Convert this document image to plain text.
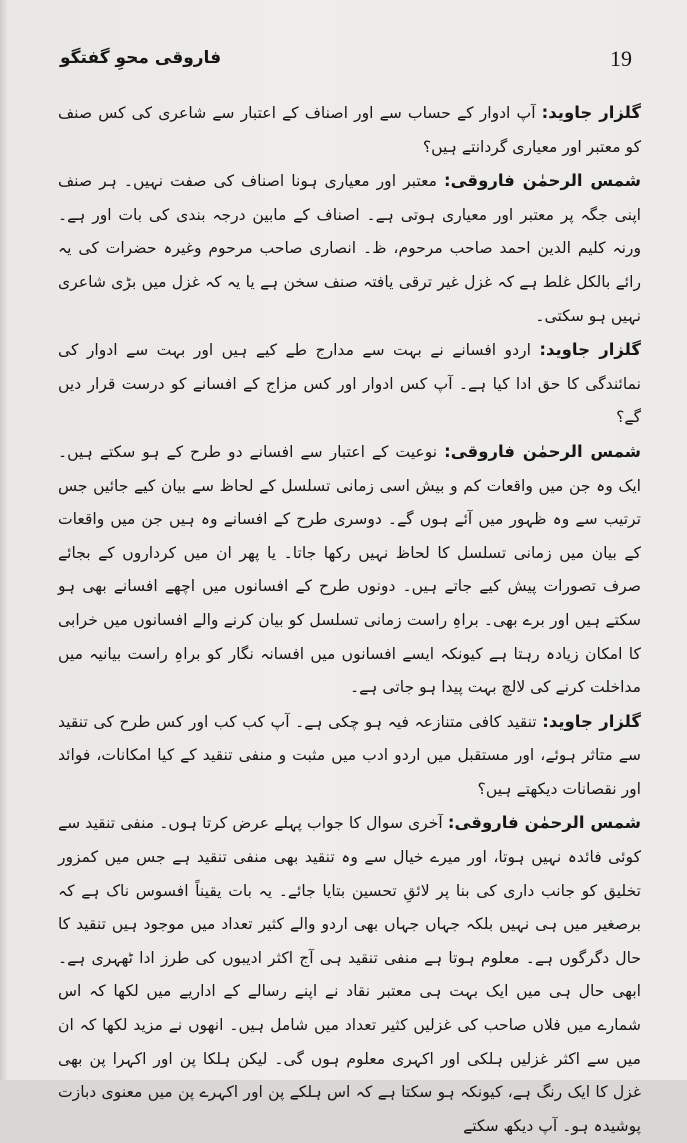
فاروقی محوِ گفتگو	19

گلزار جاوید: آپ ادوار کے حساب سے اور اصناف کے اعتبار سے شاعری کی کس صنف کو معتبر اور معیاری گردانتے ہیں؟

شمس الرحمٰن فاروقی: معتبر اور معیاری ہونا اصناف کی صفت نہیں۔ ہر صنف اپنی جگہ پر معتبر اور معیاری ہوتی ہے۔ اصناف کے مابین درجہ بندی کی بات اور ہے۔ ورنہ کلیم الدین احمد صاحب مرحوم، ظ۔ انصاری صاحب مرحوم وغیرہ حضرات کی یہ رائے بالکل غلط ہے کہ غزل غیر ترقی یافتہ صنف سخن ہے یا یہ کہ غزل میں بڑی شاعری نہیں ہو سکتی۔

گلزار جاوید: اردو افسانے نے بہت سے مدارج طے کیے ہیں اور بہت سے ادوار کی نمائندگی کا حق ادا کیا ہے۔ آپ کس ادوار اور کس مزاج کے افسانے کو درست قرار دیں گے؟

شمس الرحمٰن فاروقی: نوعیت کے اعتبار سے افسانے دو طرح کے ہو سکتے ہیں۔ ایک وہ جن میں واقعات کم و بیش اسی زمانی تسلسل کے لحاظ سے بیان کیے جائیں جس ترتیب سے وہ ظہور میں آئے ہوں گے۔ دوسری طرح کے افسانے وہ ہیں جن میں واقعات کے بیان میں زمانی تسلسل کا لحاظ نہیں رکھا جاتا۔ یا پھر ان میں کرداروں کے بجائے صرف تصورات پیش کیے جاتے ہیں۔ دونوں طرح کے افسانوں میں اچھے افسانے بھی ہو سکتے ہیں اور برے بھی۔ براہِ راست زمانی تسلسل کو بیان کرنے والے افسانوں میں خرابی کا امکان زیادہ رہتا ہے کیونکہ ایسے افسانوں میں افسانہ نگار کو براہِ راست بیانیہ میں مداخلت کرنے کی لالچ بہت پیدا ہو جاتی ہے۔

گلزار جاوید: تنقید کافی متنازعہ فیہ ہو چکی ہے۔ آپ کب کب اور کس طرح کی تنقید سے متاثر ہوئے، اور مستقبل میں اردو ادب میں مثبت و منفی تنقید کے کیا امکانات، فوائد اور نقصانات دیکھتے ہیں؟

شمس الرحمٰن فاروقی: آخری سوال کا جواب پہلے عرض کرتا ہوں۔ منفی تنقید سے کوئی فائدہ نہیں ہوتا، اور میرے خیال سے وہ تنقید بھی منفی تنقید ہے جس میں کمزور تخلیق کو جانب داری کی بنا پر لائقِ تحسین بتایا جائے۔ یہ بات یقیناً افسوس ناک ہے کہ برصغیر میں ہی نہیں بلکہ جہاں جہاں بھی اردو والے کثیر تعداد میں موجود ہیں تنقید کا حال دگرگوں ہے۔ معلوم ہوتا ہے منفی تنقید ہی آج اکثر ادیبوں کی طرز ادا ٹھہری ہے۔ ابھی حال ہی میں ایک بہت ہی معتبر نقاد نے اپنے رسالے کے اداریے میں لکھا کہ اس شمارے میں فلاں صاحب کی غزلیں کثیر تعداد میں شامل ہیں۔ انھوں نے مزید لکھا کہ ان میں سے اکثر غزلیں ہلکی اور اکہری معلوم ہوں گی۔ لیکن ہلکا پن اور اکہرا پن بھی غزل کا ایک رنگ ہے، کیونکہ ہو سکتا ہے کہ اس ہلکے پن اور اکہرے پن میں معنوی دبازت پوشیدہ ہو۔ آپ دیکھ سکتے
